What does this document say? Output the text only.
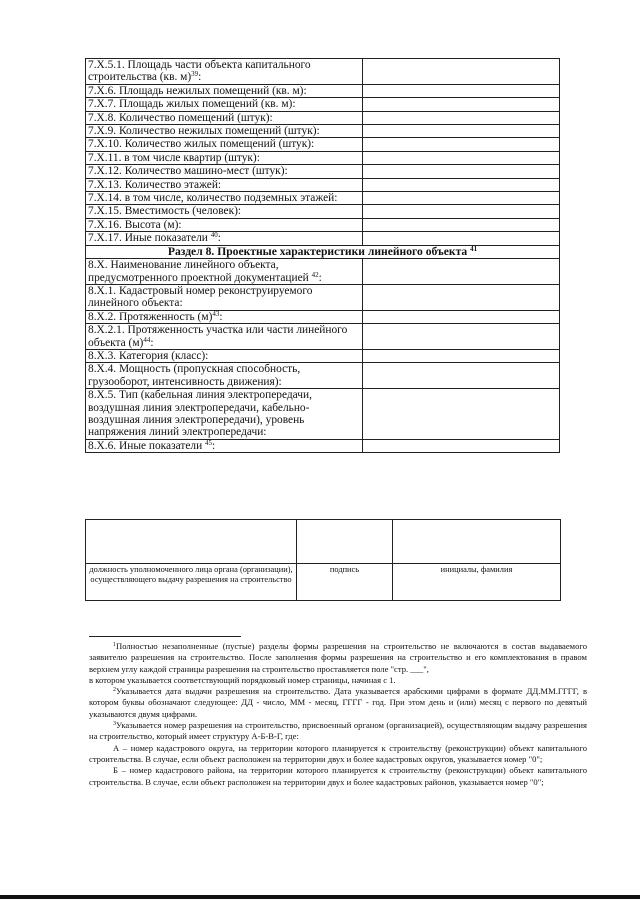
7.Х.5.1. Площадь части объекта капитального строительства (кв. м)$^{39}$:	
7.Х.6. Площадь нежилых помещений (кв. м):	
7.Х.7. Площадь жилых помещений (кв. м):	
7.Х.8. Количество помещений (штук):	
7.Х.9. Количество нежилых помещений (штук):	
7.Х.10. Количество жилых помещений (штук):	
7.Х.11. в том числе квартир (штук):	
7.Х.12. Количество машино-мест (штук):	
7.Х.13. Количество этажей:	
7.Х.14. в том числе, количество подземных этажей:	
7.Х.15. Вместимость (человек):	
7.Х.16. Высота (м):	
7.Х.17. Иные показатели $^{40}$:	
Раздел 8. Проектные характеристики линейного объекта $^{41}$
8.Х. Наименование линейного объекта, предусмотренного проектной документацией $^{42}$:	
8.Х.1. Кадастровый номер реконструируемого линейного объекта:	
8.Х.2. Протяженность $(м)^{43}$:	
8.Х.2.1. Протяженность участка или части линейного объекта $(м)^{44}$:	
8.Х.3. Категория (класс):	
8.Х.4. Мощность (пропускная способность, грузооборот, интенсивность движения):	
8.Х.5. Тип (кабельная линия электропередачи, воздушная линия электропередачи, кабельно-воздушная линия электропередачи), уровень напряжения линий электропередачи:	
8.Х.6. Иные показатели $^{45}$:	

должность уполномоченного лица органа (организации), осуществляющего выдачу разрешения на строительство	подпись	инициалы, фамилия

$^1$Полностью незаполненные (пустые) разделы формы разрешения на строительство не включаются в состав выдаваемого заявителю разрешения на строительство. После заполнения формы разрешения на строительство и его комплектования в правом верхнем углу каждой страницы разрешения на строительство проставляется поле "стр. ___",

в котором указывается соответствующий порядковый номер страницы, начиная с 1.

$^2$Указывается дата выдачи разрешения на строительство. Дата указывается арабскими цифрами в формате ДД.ММ.ГГГГ, в котором буквы обозначают следующее: ДД - число, ММ - месяц, ГГГГ - год. При этом день и (или) месяц с первого по девятый указываются двумя цифрами.

$^3$Указывается номер разрешения на строительство, присвоенный органом (организацией), осуществляющим выдачу разрешения на строительство, который имеет структуру А-Б-В-Г, где:

А – номер кадастрового округа, на территории которого планируется к строительству (реконструкции) объект капитального строительства. В случае, если объект расположен на территории двух и более кадастровых округов, указывается номер "0";

Б – номер кадастрового района, на территории которого планируется к строительству (реконструкции) объект капитального строительства. В случае, если объект расположен на территории двух и более кадастровых районов, указывается номер "0";
